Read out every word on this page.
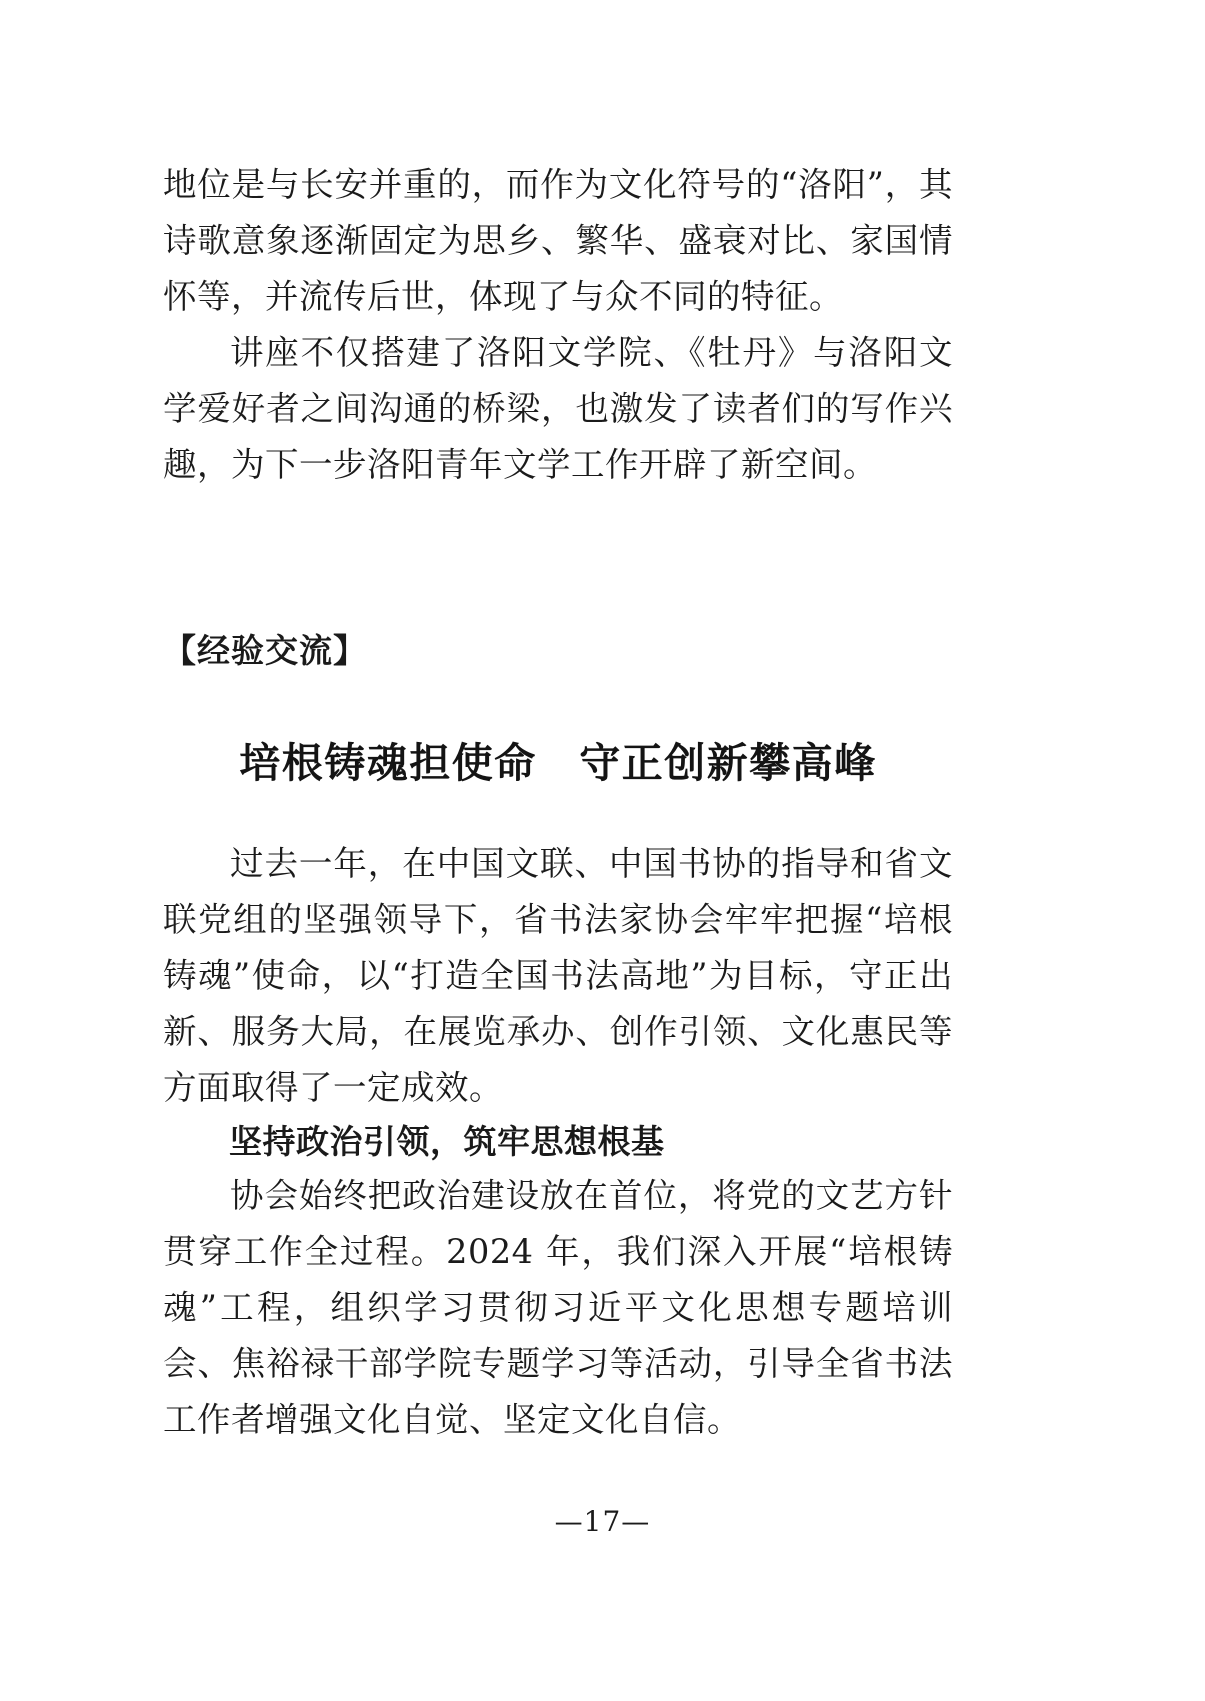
地位是与长安并重的，而作为文化符号的“洛阳”，其诗歌意象逐渐固定为思乡、繁华、盛衰对比、家国情怀等，并流传后世，体现了与众不同的特征。

讲座不仅搭建了洛阳文学院、《牡丹》与洛阳文学爱好者之间沟通的桥梁，也激发了读者们的写作兴趣，为下一步洛阳青年文学工作开辟了新空间。

【经验交流】

培根铸魂担使命　守正创新攀高峰

过去一年，在中国文联、中国书协的指导和省文联党组的坚强领导下，省书法家协会牢牢把握“培根铸魂”使命，以“打造全国书法高地”为目标，守正出新、服务大局，在展览承办、创作引领、文化惠民等方面取得了一定成效。

坚持政治引领，筑牢思想根基

协会始终把政治建设放在首位，将党的文艺方针贯穿工作全过程。2024 年，我们深入开展“培根铸魂”工程，组织学习贯彻习近平文化思想专题培训会、焦裕禄干部学院专题学习等活动，引导全省书法工作者增强文化自觉、坚定文化自信。

—17—
